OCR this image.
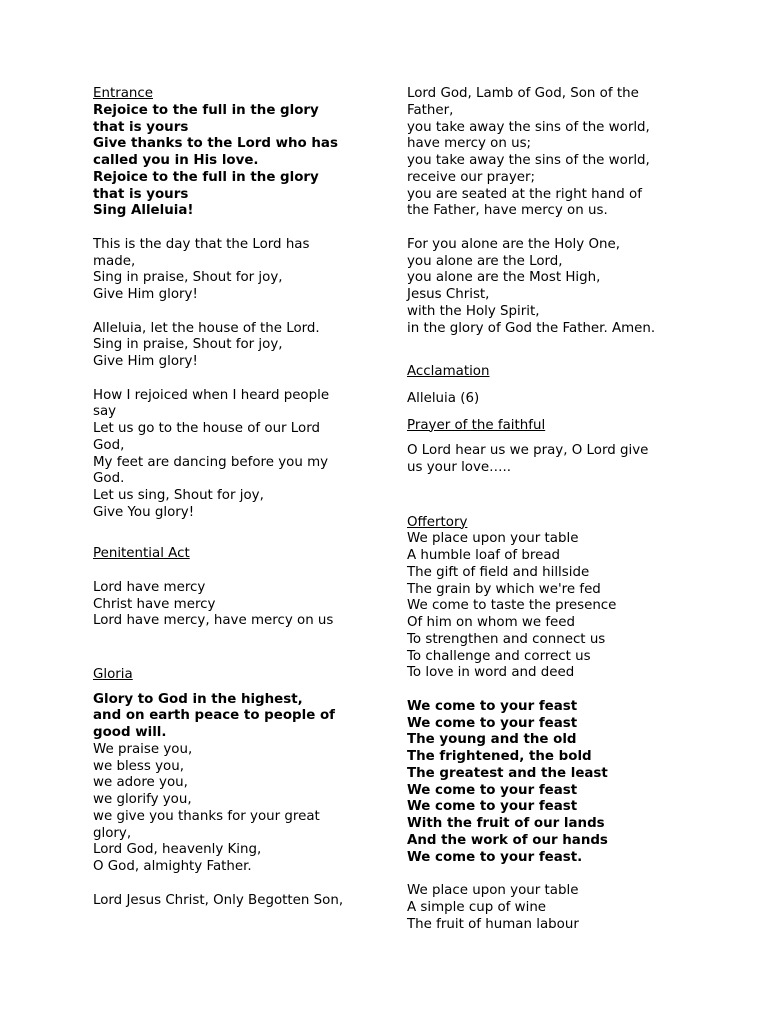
Entrance
Rejoice to the full in the glory
that is yours
Give thanks to the Lord who has
called you in His love.
Rejoice to the full in the glory
that is yours
Sing Alleluia!
This is the day that the Lord has
made,
Sing in praise, Shout for joy,
Give Him glory!
Alleluia, let the house of the Lord.
Sing in praise, Shout for joy,
Give Him glory!
How I rejoiced when I heard people
say
Let us go to the house of our Lord
God,
My feet are dancing before you my
God.
Let us sing, Shout for joy,
Give You glory!
Penitential Act
Lord have mercy
Christ have mercy
Lord have mercy, have mercy on us
Gloria
Glory to God in the highest,
and on earth peace to people of
good will.
We praise you,
we bless you,
we adore you,
we glorify you,
we give you thanks for your great
glory,
Lord God, heavenly King,
O God, almighty Father.
Lord Jesus Christ, Only Begotten Son,
Lord God, Lamb of God, Son of the
Father,
you take away the sins of the world,
have mercy on us;
you take away the sins of the world,
receive our prayer;
you are seated at the right hand of
the Father, have mercy on us.
For you alone are the Holy One,
you alone are the Lord,
you alone are the Most High,
Jesus Christ,
with the Holy Spirit,
in the glory of God the Father. Amen.
Acclamation
Alleluia (6)
Prayer of the faithful
O Lord hear us we pray, O Lord give
us your love…..
Offertory
We place upon your table
A humble loaf of bread
The gift of field and hillside
The grain by which we're fed
We come to taste the presence
Of him on whom we feed
To strengthen and connect us
To challenge and correct us
To love in word and deed
We come to your feast
We come to your feast
The young and the old
The frightened, the bold
The greatest and the least
We come to your feast
We come to your feast
With the fruit of our lands
And the work of our hands
We come to your feast.
We place upon your table
A simple cup of wine
The fruit of human labour
